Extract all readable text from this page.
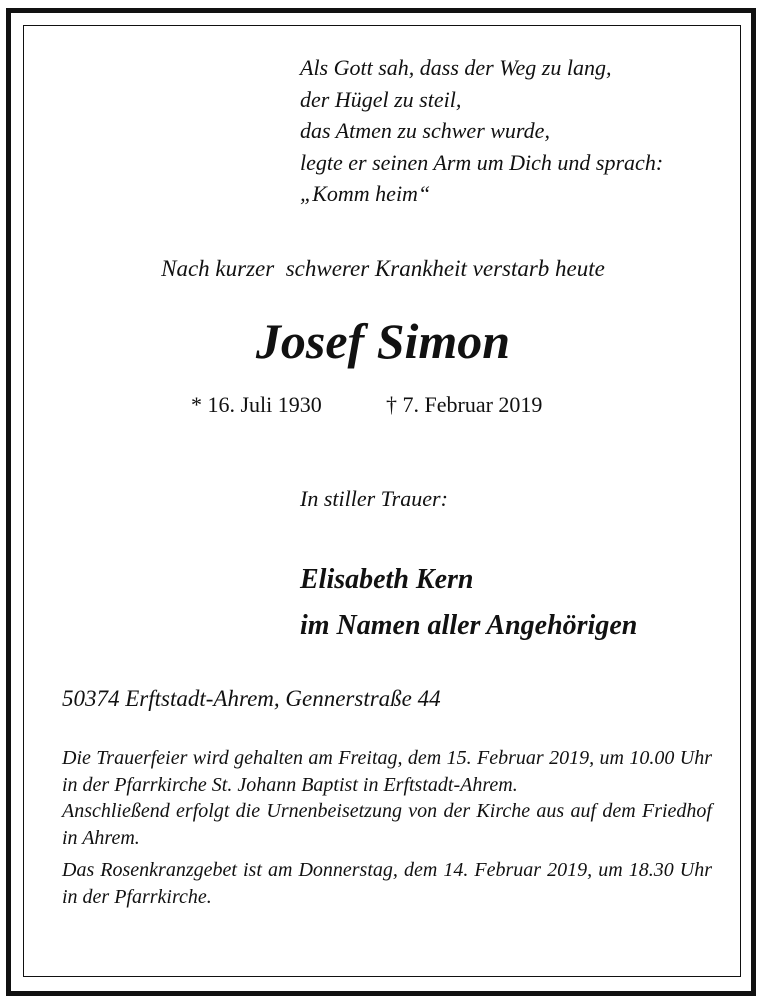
Als Gott sah, dass der Weg zu lang,
der Hügel zu steil,
das Atmen zu schwer wurde,
legte er seinen Arm um Dich und sprach:
„Komm heim“
Nach kurzer  schwerer Krankheit verstarb heute
Josef Simon
* 16. Juli 1930	† 7. Februar 2019
In stiller Trauer:
Elisabeth Kern
im Namen aller Angehörigen
50374 Erftstadt-Ahrem, Gennerstraße 44

Die Trauerfeier wird gehalten am Freitag, dem 15. Februar 2019, um 10.00 Uhr in der Pfarrkirche St. Johann Baptist in Erftstadt-Ahrem.

Anschließend erfolgt die Urnenbeisetzung von der Kirche aus auf dem Friedhof in Ahrem.

Das Rosenkranzgebet ist am Donnerstag, dem 14. Februar 2019, um 18.30 Uhr in der Pfarrkirche.
